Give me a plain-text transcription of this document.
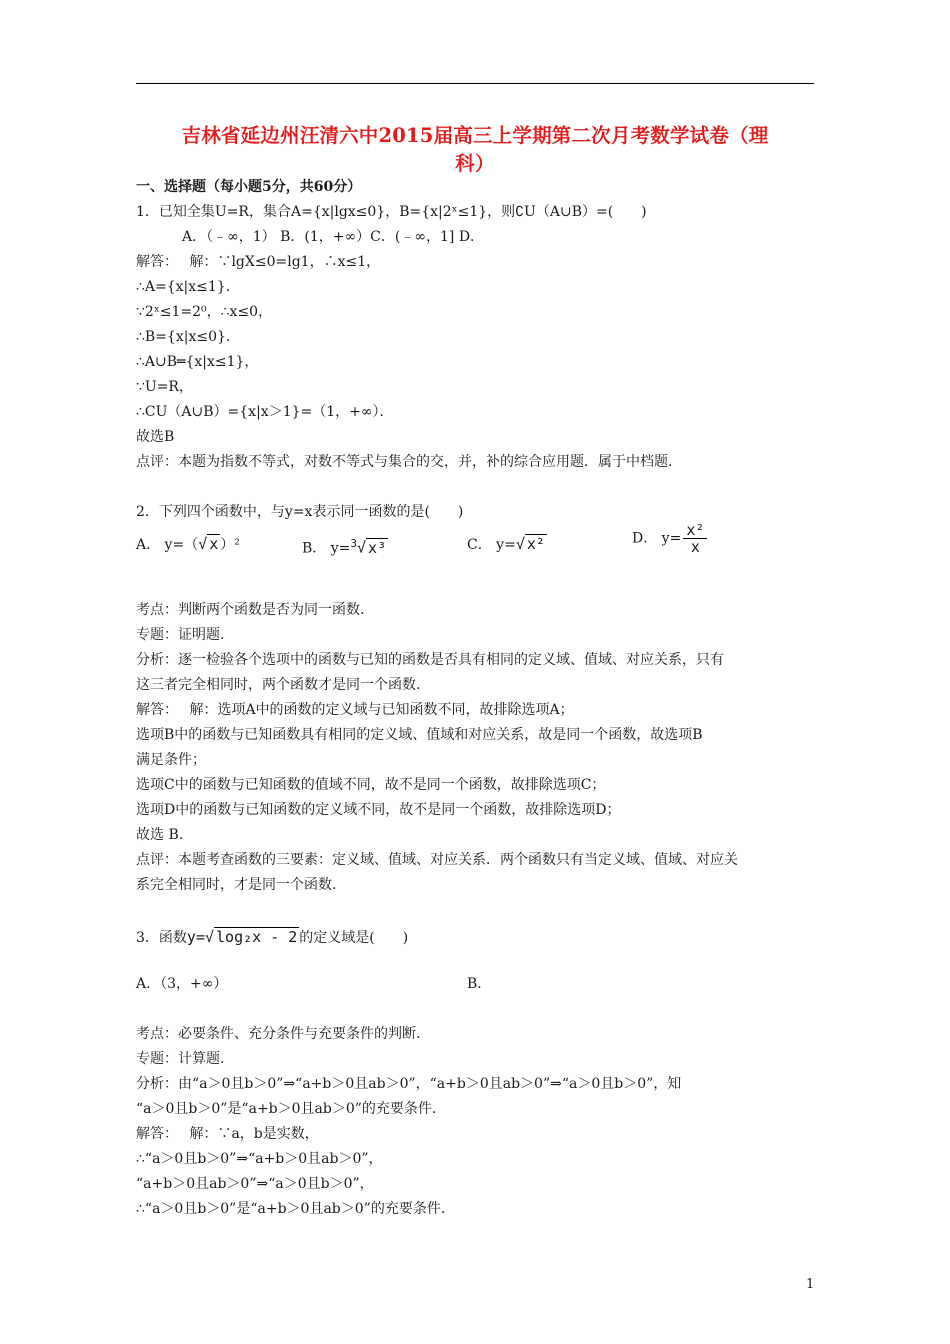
吉林省延边州汪清六中2015届高三上学期第二次月考数学试卷（理
科）
一、选择题（每小题5分，共60分）
1．已知全集U=R，集合A={x|lgx≤0}，B={x|2ˣ≤1}，则∁U（A∪B）=(　　)
A．（﹣∞，1） B．(1，+∞）C．(﹣∞，1] D．
解答：　 解：∵lgX≤0=lg1，∴x≤1，
∴A={x|x≤1}.
∵2ˣ≤1=2⁰，∴x≤0，
∴B={x|x≤0}.
∴A∪B═{x|x≤1}，
∵U=R，
∴CU（A∪B）={x|x＞1}=（1，+∞）．
故选B
点评：本题为指数不等式，对数不等式与集合的交，并，补的综合应用题．属于中档题．
2．下列四个函数中，与y=x表示同一函数的是(　　)
A． y=（√ x ）²	B． y=$^3$√ x³	C． y=√ x²	D． $y= \frac{\text{x²}}{x}$
考点：判断两个函数是否为同一函数.
专题：证明题.
分析：逐一检验各个选项中的函数与已知的函数是否具有相同的定义域、值域、对应关系，只有
这三者完全相同时，两个函数才是同一个函数.
解答：　 解：选项A中的函数的定义域与已知函数不同，故排除选项A；
选项B中的函数与已知函数具有相同的定义域、值域和对应关系，故是同一个函数，故选项B
满足条件；
选项C中的函数与已知函数的值域不同，故不是同一个函数，故排除选项C；
选项D中的函数与已知函数的定义域不同，故不是同一个函数，故排除选项D；
故选 B.
点评：本题考查函数的三要素：定义域、值域、对应关系．两个函数只有当定义域、值域、对应关
系完全相同时，才是同一个函数.
3．函数y=√ log₂x - 2 的定义域是(　　)
A．（3，+∞）	B．
考点：必要条件、充分条件与充要条件的判断.
专题：计算题.
分析：由“a＞0且b＞0”⇒“a+b＞0且ab＞0”，“a+b＞0且ab＞0”⇒“a＞0且b＞0”，知
“a＞0且b＞0”是“a+b＞0且ab＞0”的充要条件.
解答：　 解：∵a，b是实数，
∴“a＞0且b＞0”⇒“a+b＞0且ab＞0”，
“a+b＞0且ab＞0”⇒“a＞0且b＞0”，
∴“a＞0且b＞0”是“a+b＞0且ab＞0”的充要条件.
1
